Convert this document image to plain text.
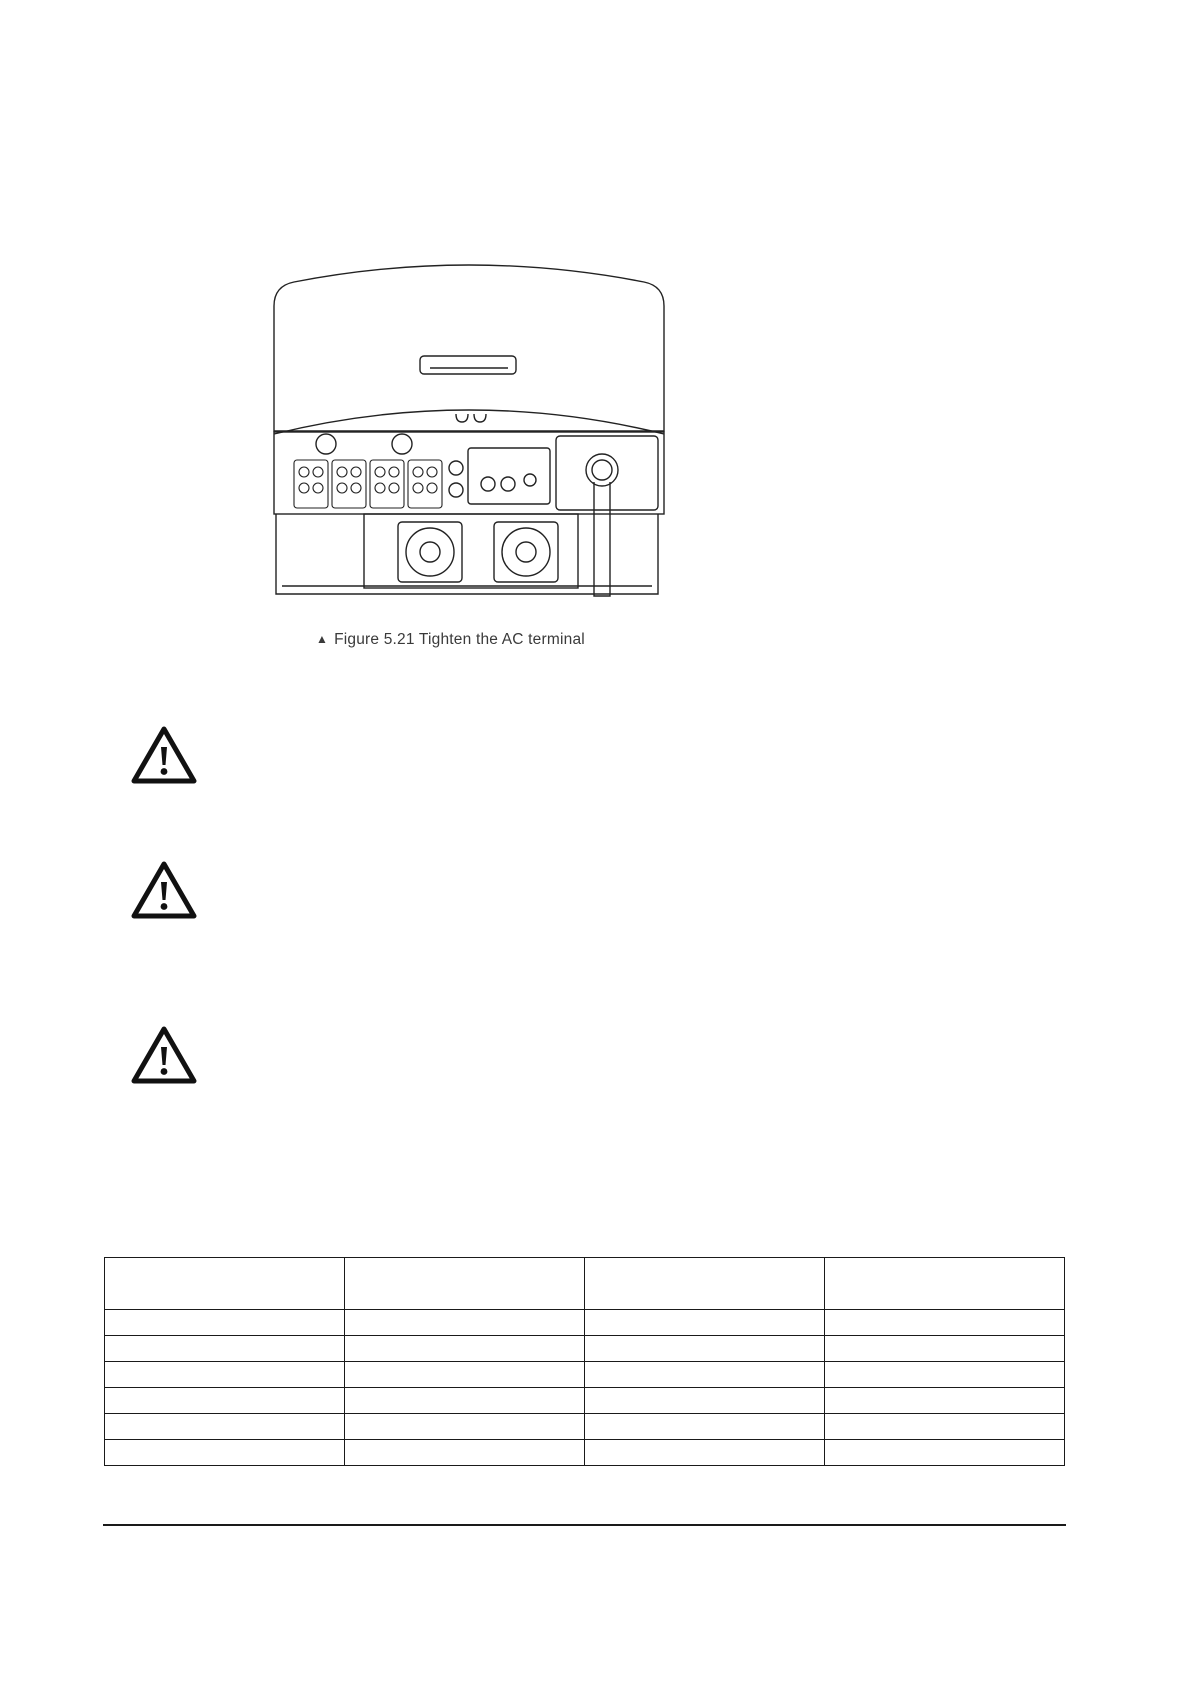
▲ Figure 5.21 Tighten the AC terminal
